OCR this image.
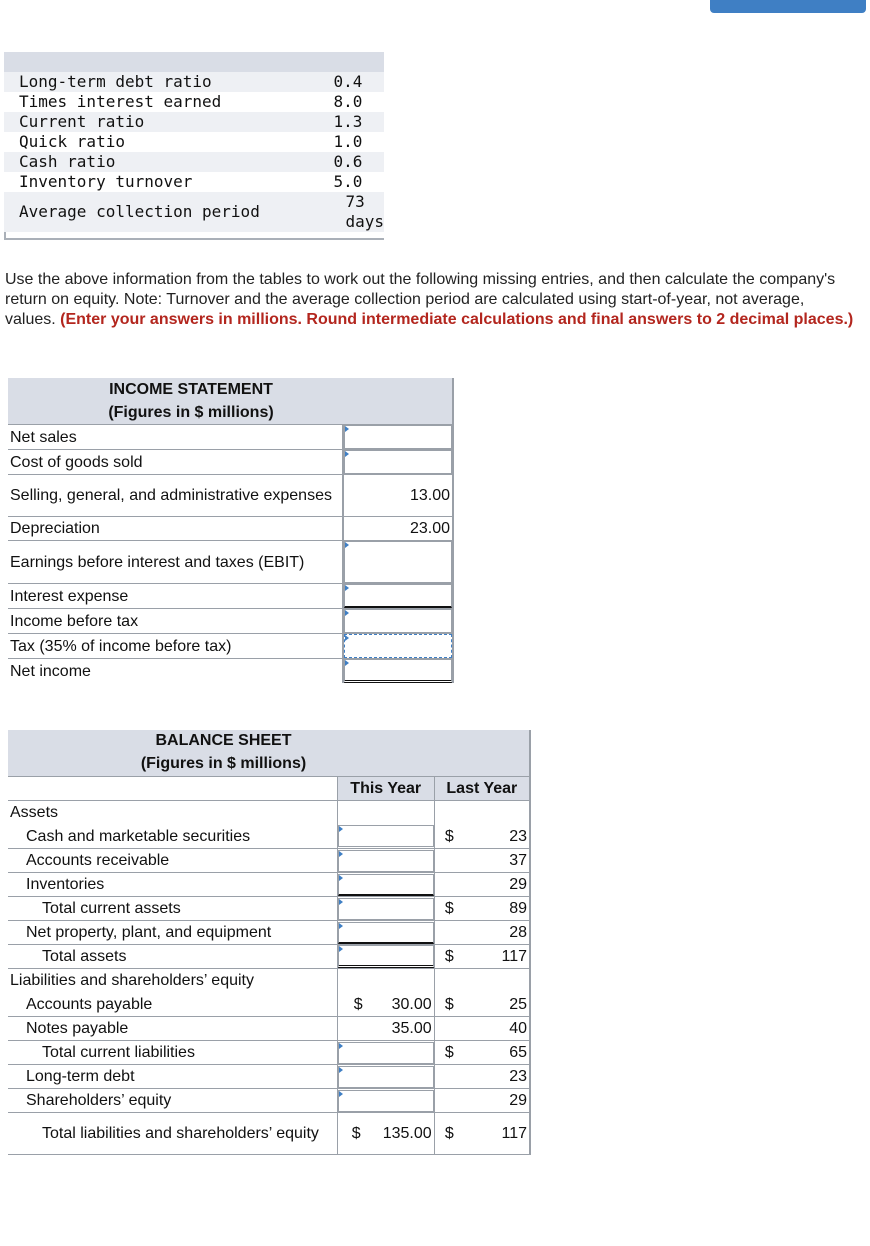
Long-term debt ratio	0.4
Times interest earned	8.0
Current ratio	1.3
Quick ratio	1.0
Cash ratio	0.6
Inventory turnover	5.0
Average collection period	73 days
Use the above information from the tables to work out the following missing entries, and then calculate the company's return on equity. Note: Turnover and the average collection period are calculated using start-of-year, not average, values. (Enter your answers in millions. Round intermediate calculations and final answers to 2 decimal places.)
INCOME STATEMENT	
(Figures in $ millions)	
Net sales	

Cost of goods sold	

Selling, general, and administrative expenses	13.00
Depreciation	23.00
Earnings before interest and taxes (EBIT)	

Interest expense	

Income before tax	

Tax (35% of income before tax)	

Net income	
BALANCE SHEET			
(Figures in $ millions)			
	This Year	Last Year	
Assets			
Cash and marketable securities		$	23
Accounts receivable			37
Inventories			29
Total current assets		$	89
Net property, plant, and equipment			28
Total assets		$	117
Liabilities and shareholders’ equity			
Accounts payable	$ 30.00	$	25
Notes payable	35.00		40
Total current liabilities		$	65
Long-term debt			23
Shareholders’ equity			29
Total liabilities and shareholders’ equity	$ 135.00	$	117
